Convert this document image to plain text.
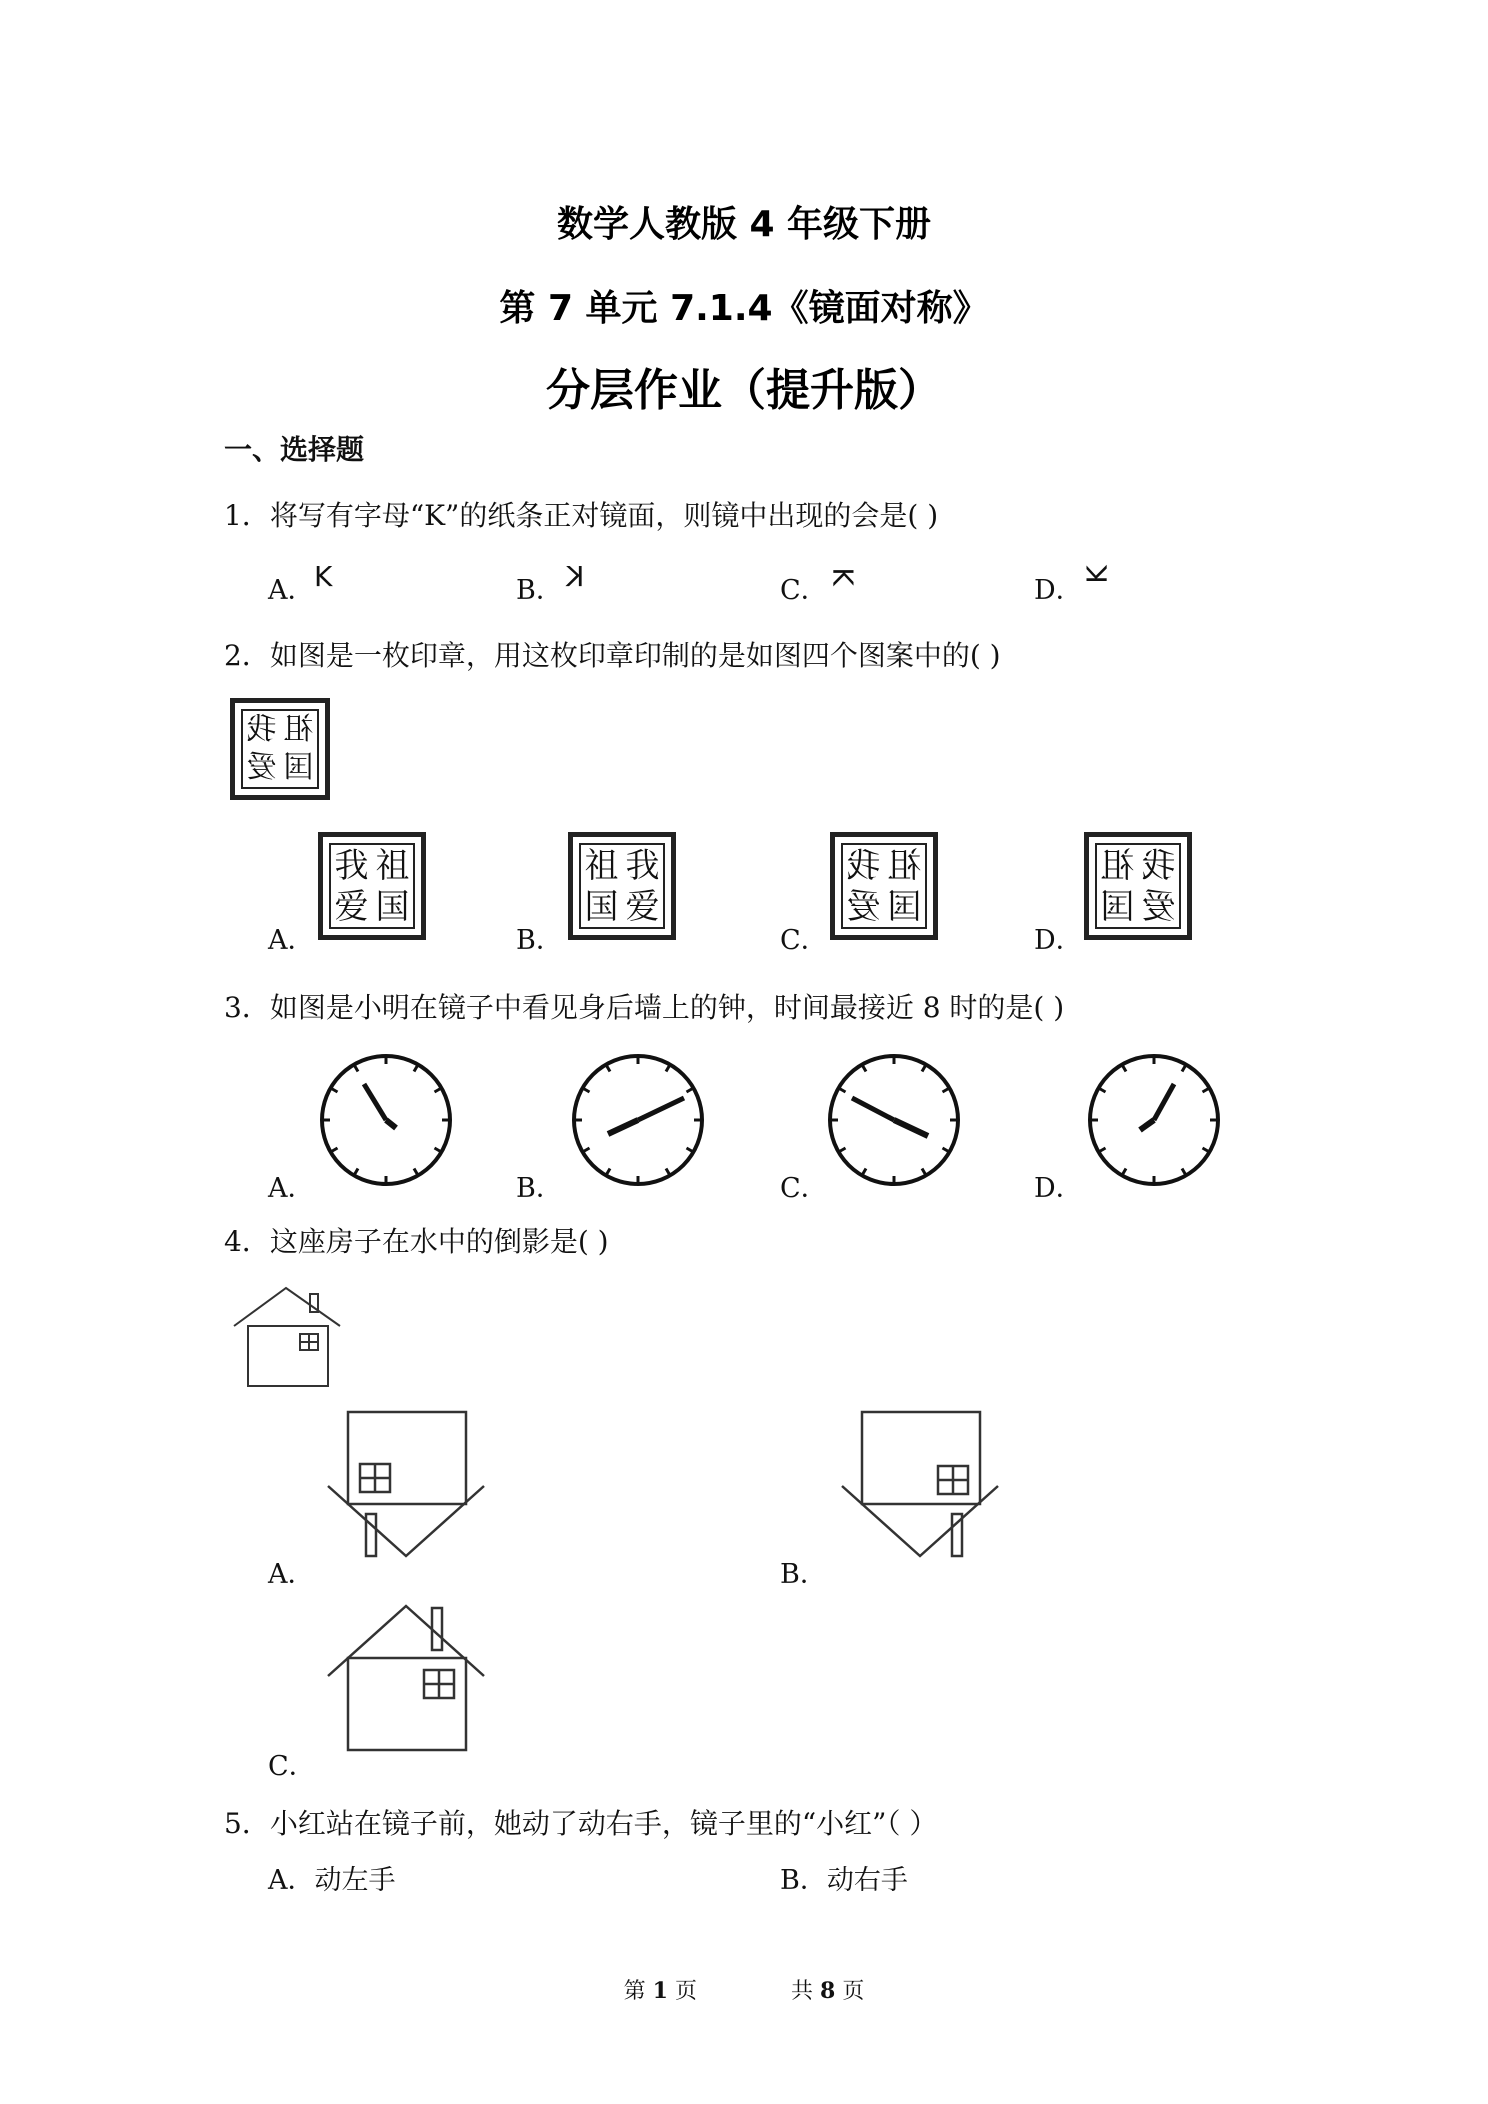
数学人教版 4 年级下册
第 7 单元 7.1.4《镜面对称》
分层作业（提升版）
一、选择题
1．将写有字母“K”的纸条正对镜面，则镜中出现的会是( )
A． K	B． K	C． K	D．
K
2．如图是一枚印章，用这枚印章印制的是如图四个图案中的( )
祖
我
国
爱
A．
我 祖
爱 国
B．
祖 我
国 爱
C．
祖
我
国
爱
D．
我
祖
爱
国
3．如图是小明在镜子中看见身后墙上的钟，时间最接近 8 时的是( )
A．	B．	C．	D．
4．这座房子在水中的倒影是( )
A．	B．
C．
5．小红站在镜子前，她动了动右手，镜子里的“小红”（ ）
A．动左手	B．动右手
第 1 页	共 8 页
